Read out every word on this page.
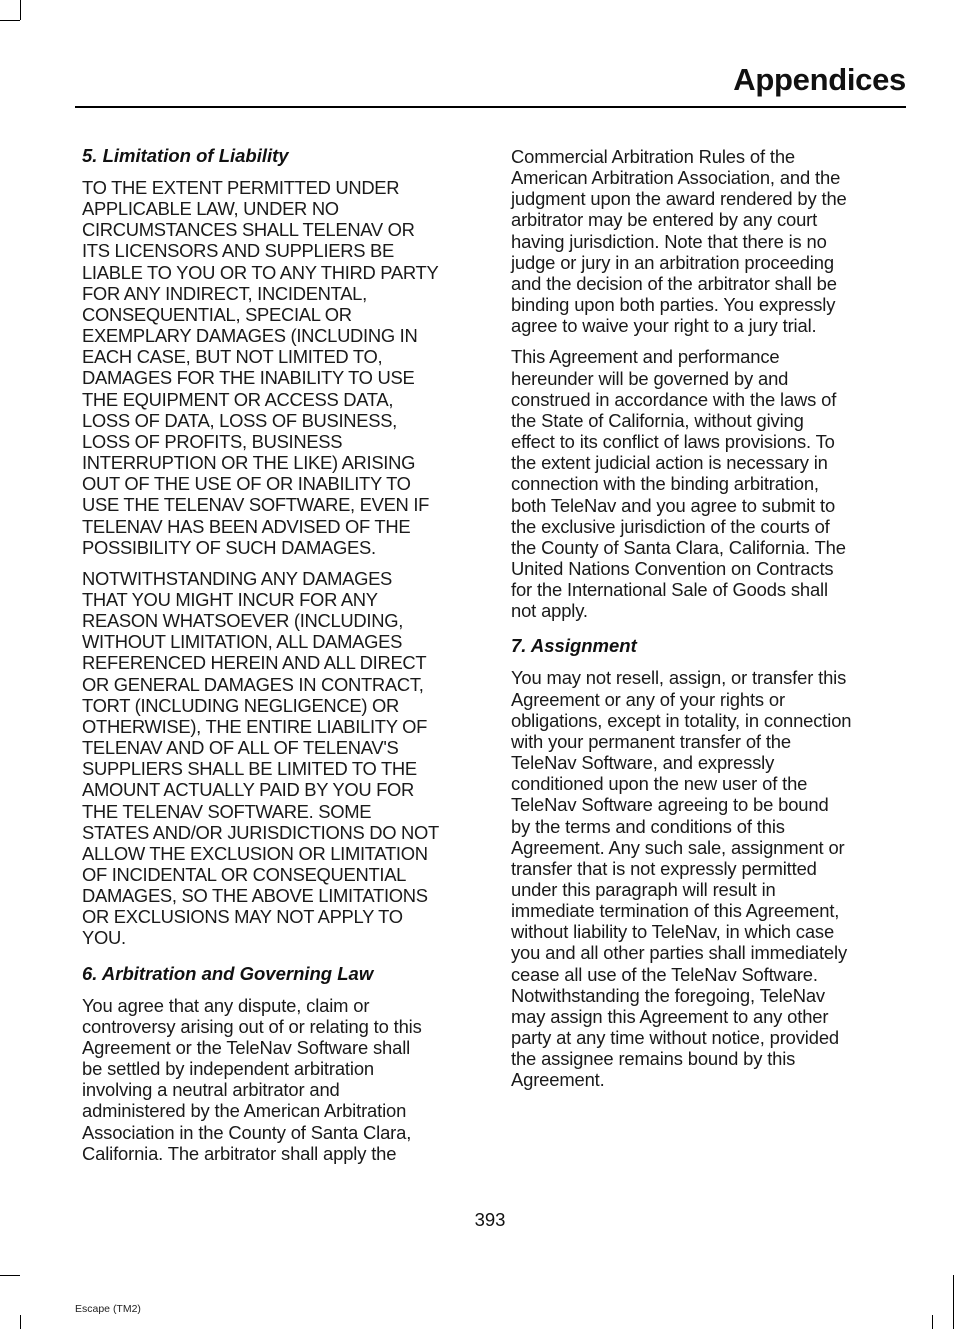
Appendices

5. Limitation of Liability

TO THE EXTENT PERMITTED UNDER
APPLICABLE LAW, UNDER NO
CIRCUMSTANCES SHALL TELENAV OR
ITS LICENSORS AND SUPPLIERS BE
LIABLE TO YOU OR TO ANY THIRD PARTY
FOR ANY INDIRECT, INCIDENTAL,
CONSEQUENTIAL, SPECIAL OR
EXEMPLARY DAMAGES (INCLUDING IN
EACH CASE, BUT NOT LIMITED TO,
DAMAGES FOR THE INABILITY TO USE
THE EQUIPMENT OR ACCESS DATA,
LOSS OF DATA, LOSS OF BUSINESS,
LOSS OF PROFITS, BUSINESS
INTERRUPTION OR THE LIKE) ARISING
OUT OF THE USE OF OR INABILITY TO
USE THE TELENAV SOFTWARE, EVEN IF
TELENAV HAS BEEN ADVISED OF THE
POSSIBILITY OF SUCH DAMAGES.

NOTWITHSTANDING ANY DAMAGES
THAT YOU MIGHT INCUR FOR ANY
REASON WHATSOEVER (INCLUDING,
WITHOUT LIMITATION, ALL DAMAGES
REFERENCED HEREIN AND ALL DIRECT
OR GENERAL DAMAGES IN CONTRACT,
TORT (INCLUDING NEGLIGENCE) OR
OTHERWISE), THE ENTIRE LIABILITY OF
TELENAV AND OF ALL OF TELENAV'S
SUPPLIERS SHALL BE LIMITED TO THE
AMOUNT ACTUALLY PAID BY YOU FOR
THE TELENAV SOFTWARE. SOME
STATES AND/OR JURISDICTIONS DO NOT
ALLOW THE EXCLUSION OR LIMITATION
OF INCIDENTAL OR CONSEQUENTIAL
DAMAGES, SO THE ABOVE LIMITATIONS
OR EXCLUSIONS MAY NOT APPLY TO
YOU.

6. Arbitration and Governing Law

You agree that any dispute, claim or
controversy arising out of or relating to this
Agreement or the TeleNav Software shall
be settled by independent arbitration
involving a neutral arbitrator and
administered by the American Arbitration
Association in the County of Santa Clara,
California. The arbitrator shall apply the

Commercial Arbitration Rules of the
American Arbitration Association, and the
judgment upon the award rendered by the
arbitrator may be entered by any court
having jurisdiction. Note that there is no
judge or jury in an arbitration proceeding
and the decision of the arbitrator shall be
binding upon both parties. You expressly
agree to waive your right to a jury trial.

This Agreement and performance
hereunder will be governed by and
construed in accordance with the laws of
the State of California, without giving
effect to its conflict of laws provisions. To
the extent judicial action is necessary in
connection with the binding arbitration,
both TeleNav and you agree to submit to
the exclusive jurisdiction of the courts of
the County of Santa Clara, California. The
United Nations Convention on Contracts
for the International Sale of Goods shall
not apply.

7. Assignment

You may not resell, assign, or transfer this
Agreement or any of your rights or
obligations, except in totality, in connection
with your permanent transfer of the
TeleNav Software, and expressly
conditioned upon the new user of the
TeleNav Software agreeing to be bound
by the terms and conditions of this
Agreement. Any such sale, assignment or
transfer that is not expressly permitted
under this paragraph will result in
immediate termination of this Agreement,
without liability to TeleNav, in which case
you and all other parties shall immediately
cease all use of the TeleNav Software.
Notwithstanding the foregoing, TeleNav
may assign this Agreement to any other
party at any time without notice, provided
the assignee remains bound by this
Agreement.

393
Escape (TM2)
